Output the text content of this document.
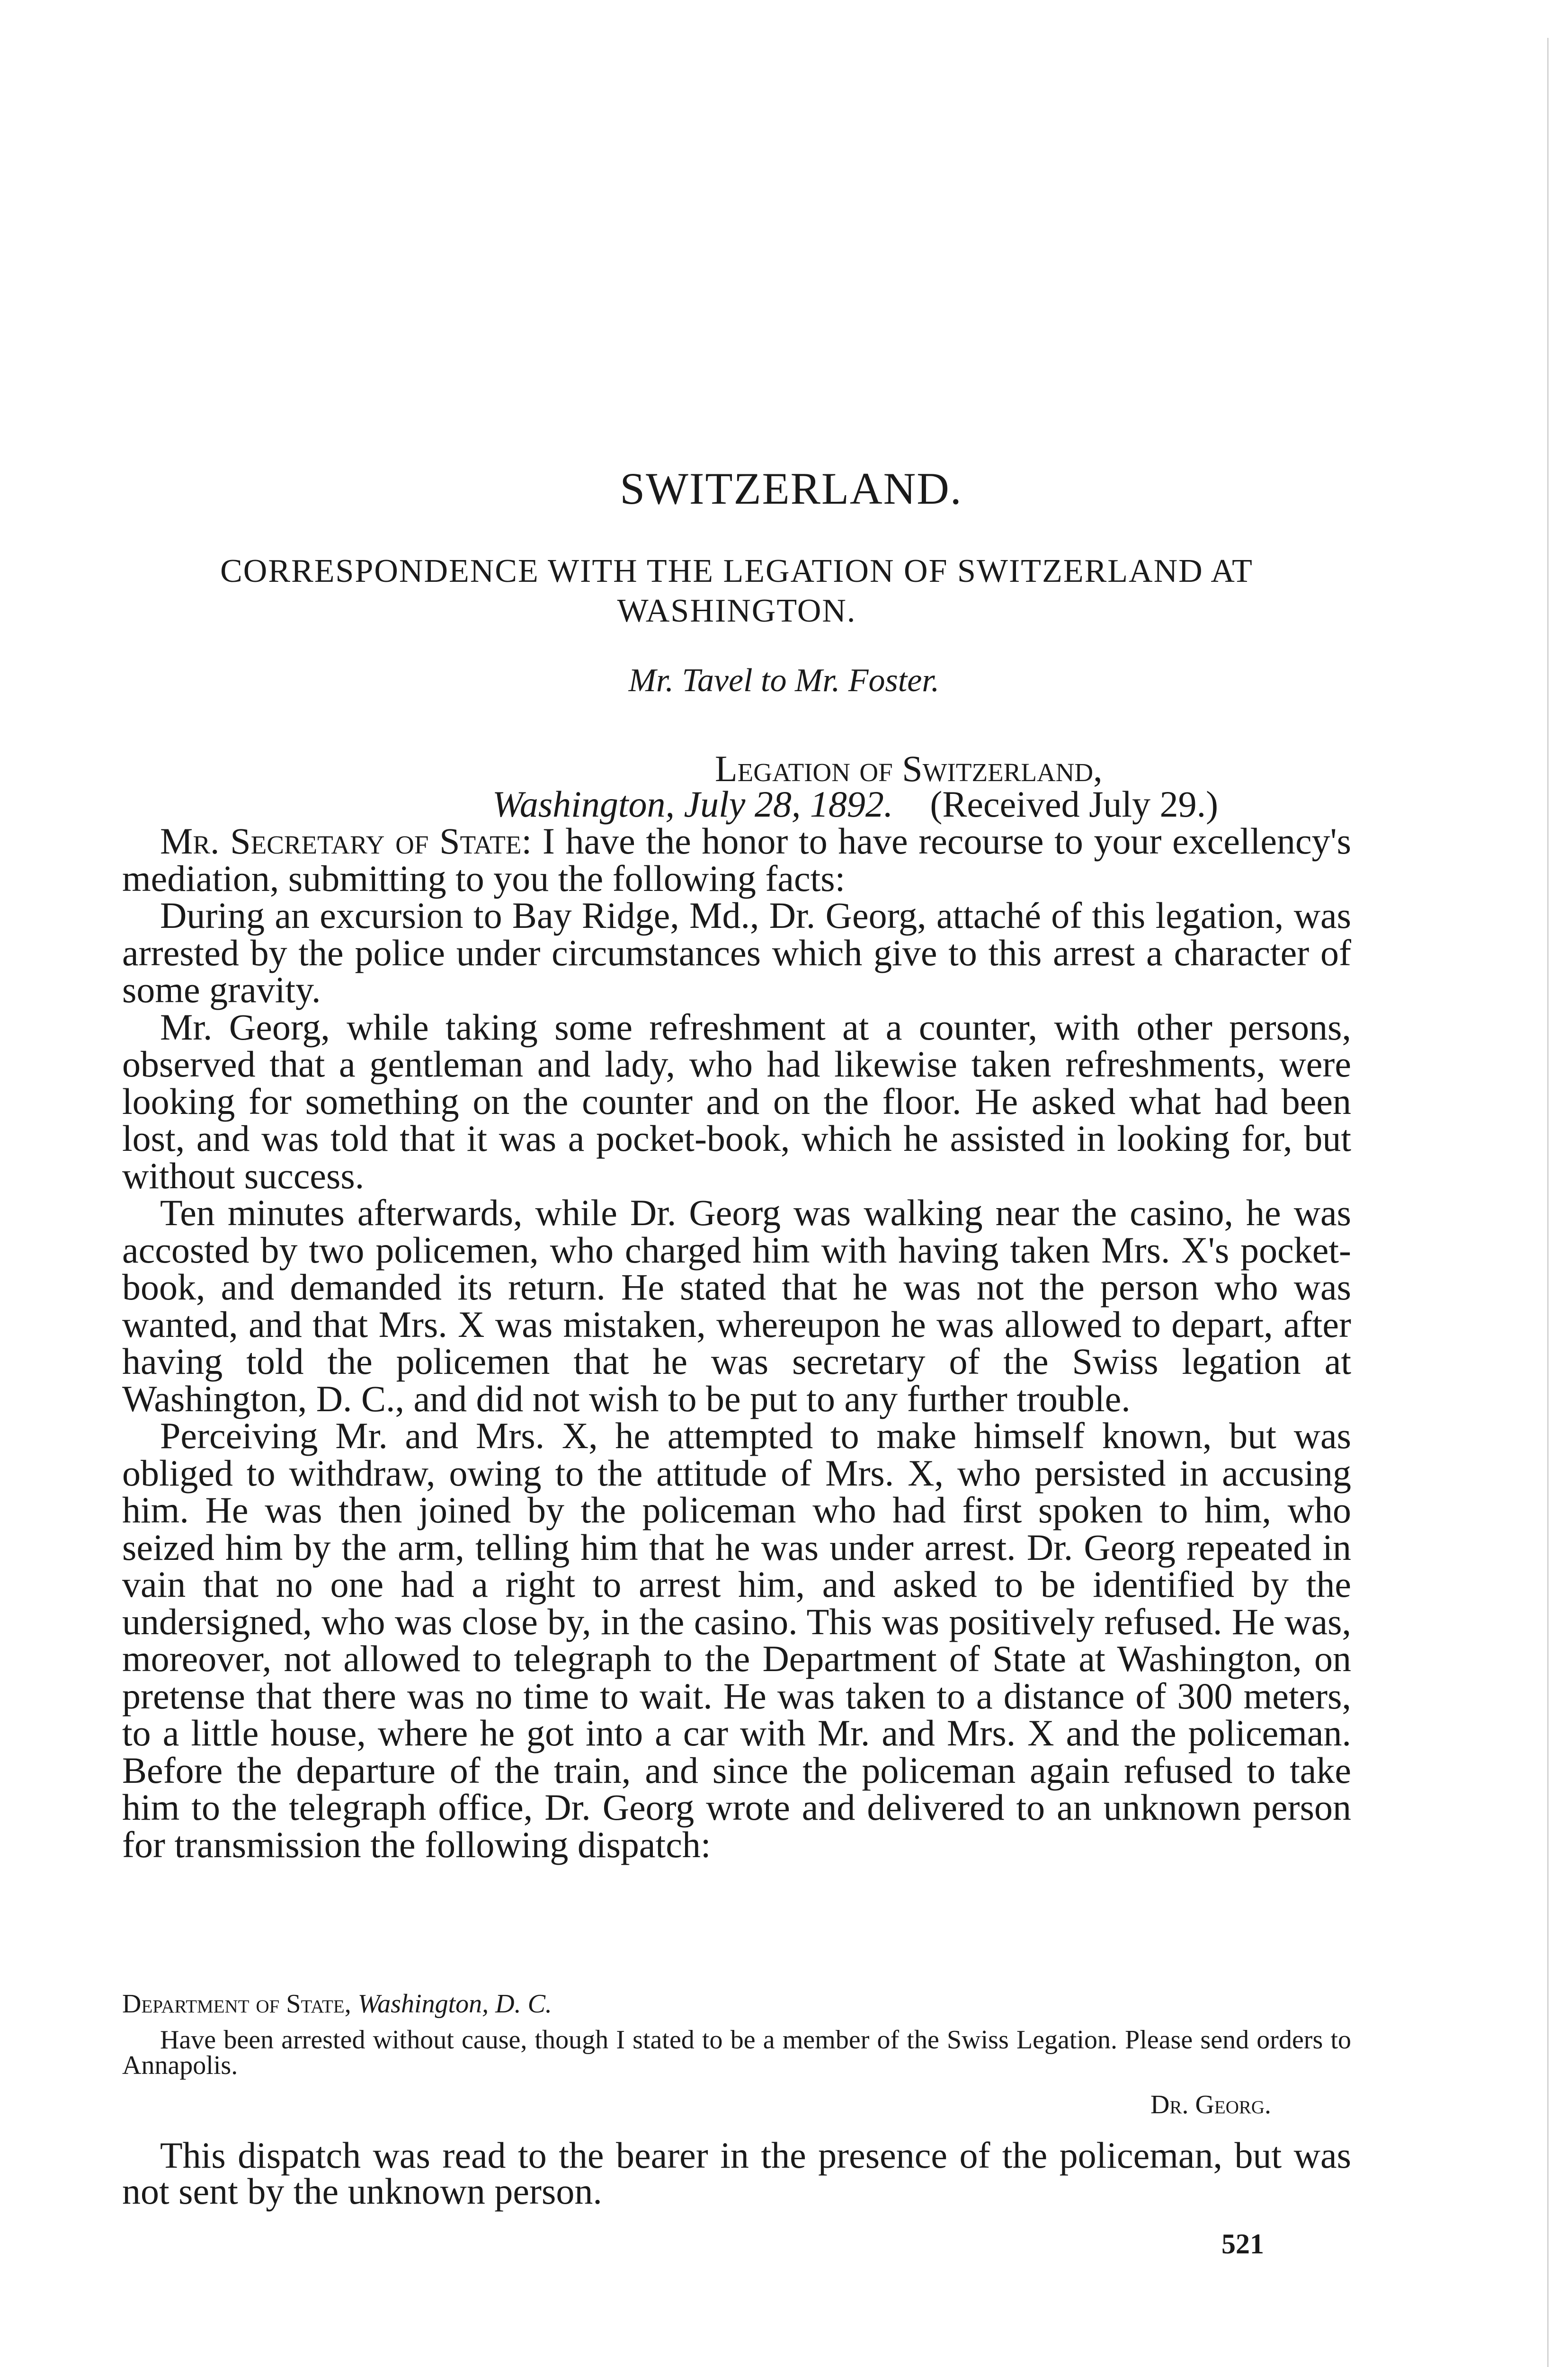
SWITZERLAND.
CORRESPONDENCE WITH THE LEGATION OF SWITZERLAND AT WASHINGTON.
Mr. Tavel to Mr. Foster.
Legation of Switzerland,
Washington, July 28, 1892. (Received July 29.)

Mr. Secretary of State: I have the honor to have recourse to your excellency's mediation, submitting to you the following facts:

During an excursion to Bay Ridge, Md., Dr. Georg, attaché of this legation, was arrested by the police under circumstances which give to this arrest a character of some gravity.

Mr. Georg, while taking some refreshment at a counter, with other persons, observed that a gentleman and lady, who had likewise taken refreshments, were looking for something on the counter and on the floor. He asked what had been lost, and was told that it was a pocket-book, which he assisted in looking for, but without success.

Ten minutes afterwards, while Dr. Georg was walking near the casino, he was accosted by two policemen, who charged him with having taken Mrs. X's pocket-book, and demanded its return. He stated that he was not the person who was wanted, and that Mrs. X was mistaken, whereupon he was allowed to depart, after having told the policemen that he was secretary of the Swiss legation at Washington, D. C., and did not wish to be put to any further trouble.

Perceiving Mr. and Mrs. X, he attempted to make himself known, but was obliged to withdraw, owing to the attitude of Mrs. X, who persisted in accusing him. He was then joined by the policeman who had first spoken to him, who seized him by the arm, telling him that he was under arrest. Dr. Georg repeated in vain that no one had a right to arrest him, and asked to be identified by the undersigned, who was close by, in the casino. This was positively refused. He was, moreover, not allowed to telegraph to the Department of State at Washington, on pretense that there was no time to wait. He was taken to a distance of 300 meters, to a little house, where he got into a car with Mr. and Mrs. X and the policeman. Before the departure of the train, and since the policeman again refused to take him to the telegraph office, Dr. Georg wrote and delivered to an unknown person for transmission the following dispatch:

Department of State, Washington, D. C.
Have been arrested without cause, though I stated to be a member of the Swiss Legation. Please send orders to Annapolis.
Dr. Georg.

This dispatch was read to the bearer in the presence of the policeman, but was not sent by the unknown person.

521
